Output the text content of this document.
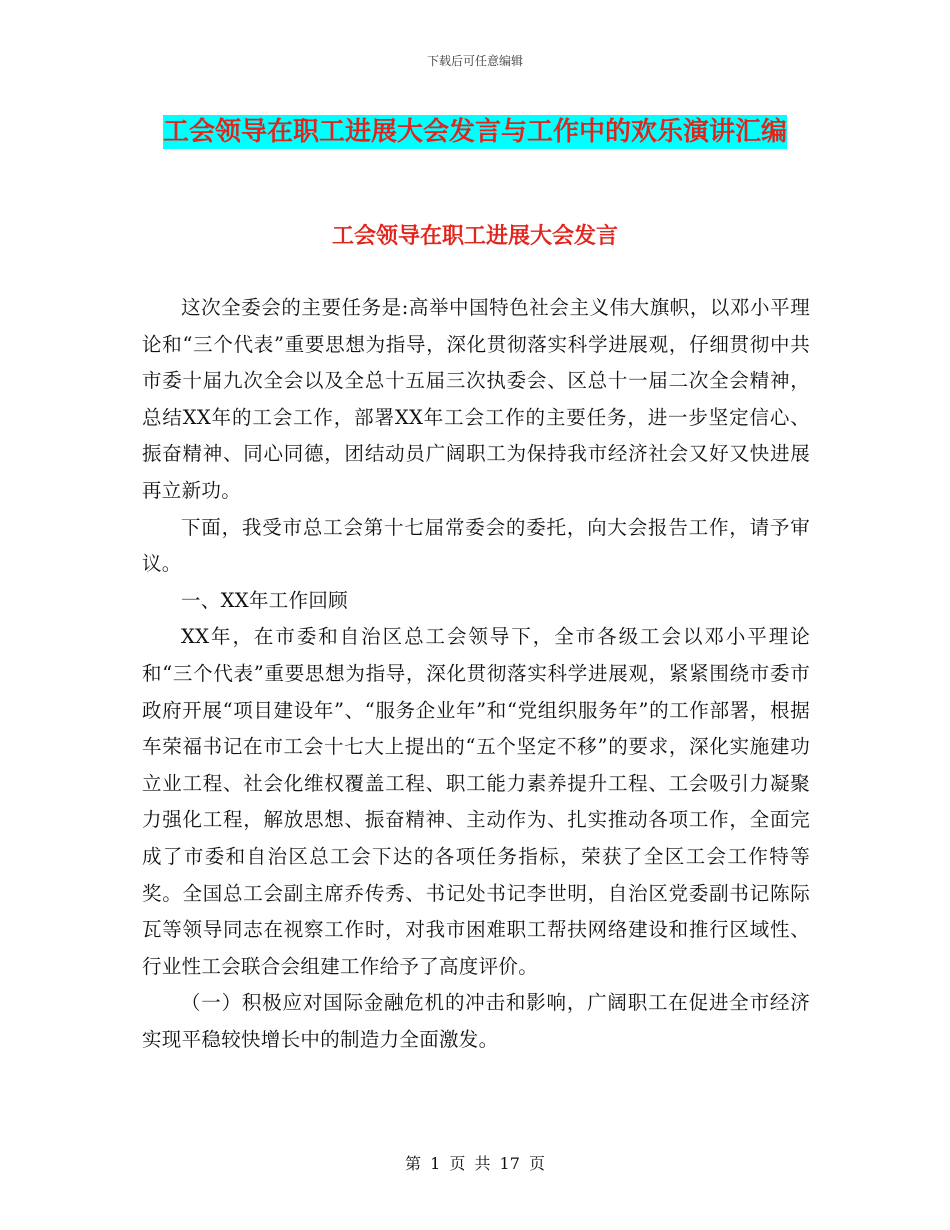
下载后可任意编辑
工会领导在职工进展大会发言与工作中的欢乐演讲汇编
工会领导在职工进展大会发言

这次全委会的主要任务是:高举中国特色社会主义伟大旗帜，以邓小平理论和“三个代表”重要思想为指导，深化贯彻落实科学进展观，仔细贯彻中共市委十届九次全会以及全总十五届三次执委会、区总十一届二次全会精神，总结XX年的工会工作，部署XX年工会工作的主要任务，进一步坚定信心、振奋精神、同心同德，团结动员广阔职工为保持我市经济社会又好又快进展再立新功。

下面，我受市总工会第十七届常委会的委托，向大会报告工作，请予审议。

一、XX年工作回顾

XX年，在市委和自治区总工会领导下，全市各级工会以邓小平理论和“三个代表”重要思想为指导，深化贯彻落实科学进展观，紧紧围绕市委市政府开展“项目建设年”、“服务企业年”和“党组织服务年”的工作部署，根据车荣福书记在市工会十七大上提出的“五个坚定不移”的要求，深化实施建功立业工程、社会化维权覆盖工程、职工能力素养提升工程、工会吸引力凝聚力强化工程，解放思想、振奋精神、主动作为、扎实推动各项工作，全面完成了市委和自治区总工会下达的各项任务指标，荣获了全区工会工作特等奖。全国总工会副主席乔传秀、书记处书记李世明，自治区党委副书记陈际瓦等领导同志在视察工作时，对我市困难职工帮扶网络建设和推行区域性、行业性工会联合会组建工作给予了高度评价。

（一）积极应对国际金融危机的冲击和影响，广阔职工在促进全市经济实现平稳较快增长中的制造力全面激发。

第 1 页 共 17 页
